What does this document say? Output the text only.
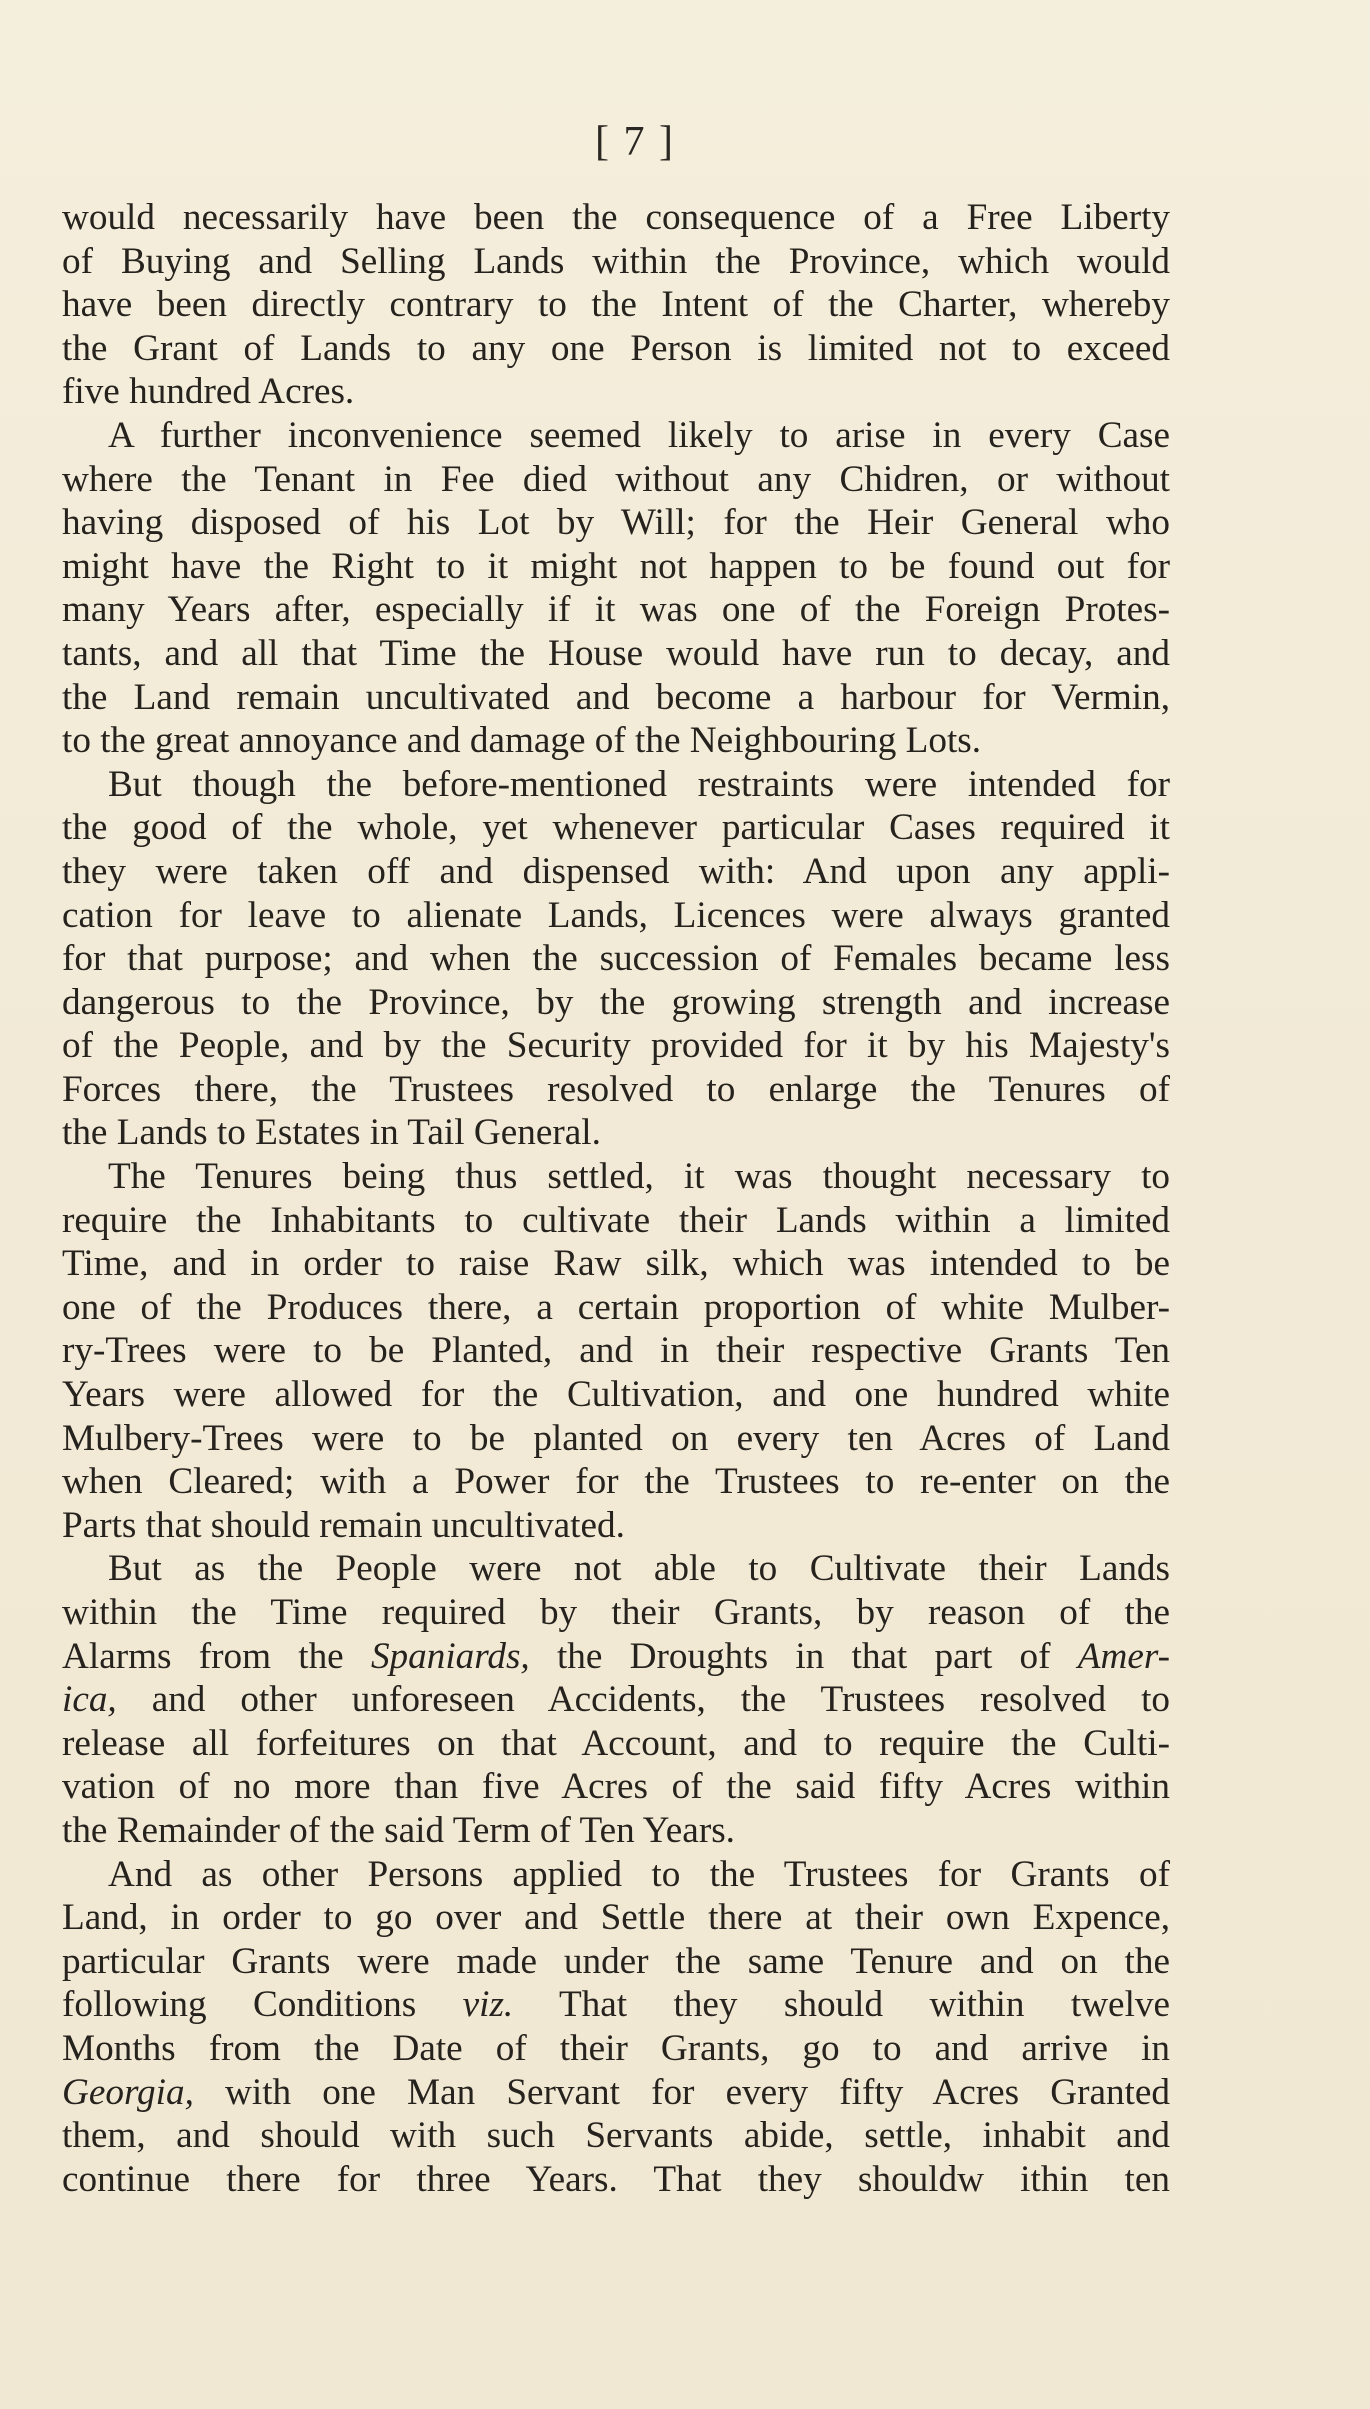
[ 7 ]
would necessarily have been the consequence of a Free Liberty
of Buying and Selling Lands within the Province, which would
have been directly contrary to the Intent of the Charter, whereby
the Grant of Lands to any one Person is limited not to exceed
five hundred Acres.
A further inconvenience seemed likely to arise in every Case
where the Tenant in Fee died without any Chidren, or without
having disposed of his Lot by Will; for the Heir General who
might have the Right to it might not happen to be found out for
many Years after, especially if it was one of the Foreign Protes-
tants, and all that Time the House would have run to decay, and
the Land remain uncultivated and become a harbour for Vermin,
to the great annoyance and damage of the Neighbouring Lots.
But though the before-mentioned restraints were intended for
the good of the whole, yet whenever particular Cases required it
they were taken off and dispensed with: And upon any appli-
cation for leave to alienate Lands, Licences were always granted
for that purpose; and when the succession of Females became less
dangerous to the Province, by the growing strength and increase
of the People, and by the Security provided for it by his Majesty's
Forces there, the Trustees resolved to enlarge the Tenures of
the Lands to Estates in Tail General.
The Tenures being thus settled, it was thought necessary to
require the Inhabitants to cultivate their Lands within a limited
Time, and in order to raise Raw silk, which was intended to be
one of the Produces there, a certain proportion of white Mulber-
ry-Trees were to be Planted, and in their respective Grants Ten
Years were allowed for the Cultivation, and one hundred white
Mulbery-Trees were to be planted on every ten Acres of Land
when Cleared; with a Power for the Trustees to re-enter on the
Parts that should remain uncultivated.
But as the People were not able to Cultivate their Lands
within the Time required by their Grants, by reason of the
Alarms from the Spaniards, the Droughts in that part of Amer-
ica, and other unforeseen Accidents, the Trustees resolved to
release all forfeitures on that Account, and to require the Culti-
vation of no more than five Acres of the said fifty Acres within
the Remainder of the said Term of Ten Years.
And as other Persons applied to the Trustees for Grants of
Land, in order to go over and Settle there at their own Expence,
particular Grants were made under the same Tenure and on the
following Conditions viz. That they should within twelve
Months from the Date of their Grants, go to and arrive in
Georgia, with one Man Servant for every fifty Acres Granted
them, and should with such Servants abide, settle, inhabit and
continue there for three Years. That they shouldw ithin ten
